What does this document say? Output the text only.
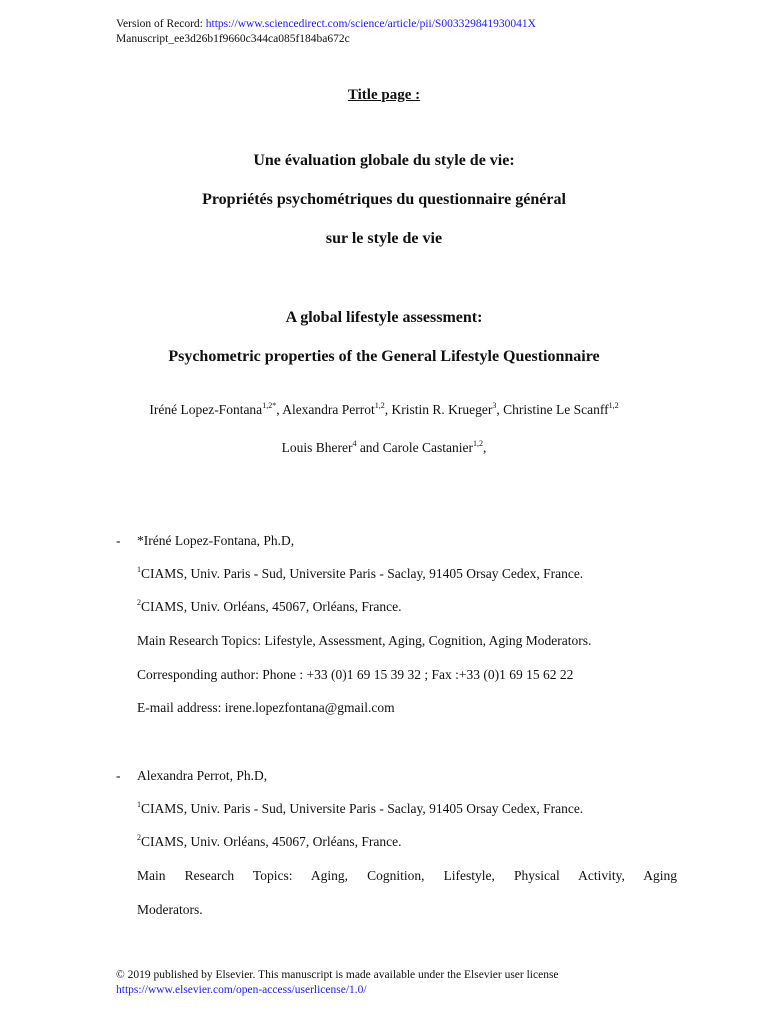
Version of Record: https://www.sciencedirect.com/science/article/pii/S003329841930041X
Manuscript_ee3d26b1f9660c344ca085f184ba672c
Title page :
Une évaluation globale du style de vie:
Propriétés psychométriques du questionnaire général
sur le style de vie
A global lifestyle assessment:
Psychometric properties of the General Lifestyle Questionnaire
Iréné Lopez-Fontana$^{1,2*}$, Alexandra Perrot$^{1,2}$, Kristin R. Krueger$^3$, Christine Le Scanff$^{1,2}$
Louis Bherer$^4$ and Carole Castanier$^{1,2}$,
- *Iréné Lopez-Fontana, Ph.D,
$^1$CIAMS, Univ. Paris - Sud, Universite Paris - Saclay, 91405 Orsay Cedex, France.
$^2$CIAMS, Univ. Orléans, 45067, Orléans, France.
Main Research Topics: Lifestyle, Assessment, Aging, Cognition, Aging Moderators.
Corresponding author: Phone : +33 (0)1 69 15 39 32 ; Fax :+33 (0)1 69 15 62 22
E-mail address: irene.lopezfontana@gmail.com
- Alexandra Perrot, Ph.D,
$^1$CIAMS, Univ. Paris - Sud, Universite Paris - Saclay, 91405 Orsay Cedex, France.
$^2$CIAMS, Univ. Orléans, 45067, Orléans, France.
Main Research Topics: Aging, Cognition, Lifestyle, Physical Activity, Aging
Moderators.
© 2019 published by Elsevier. This manuscript is made available under the Elsevier user license
https://www.elsevier.com/open-access/userlicense/1.0/
